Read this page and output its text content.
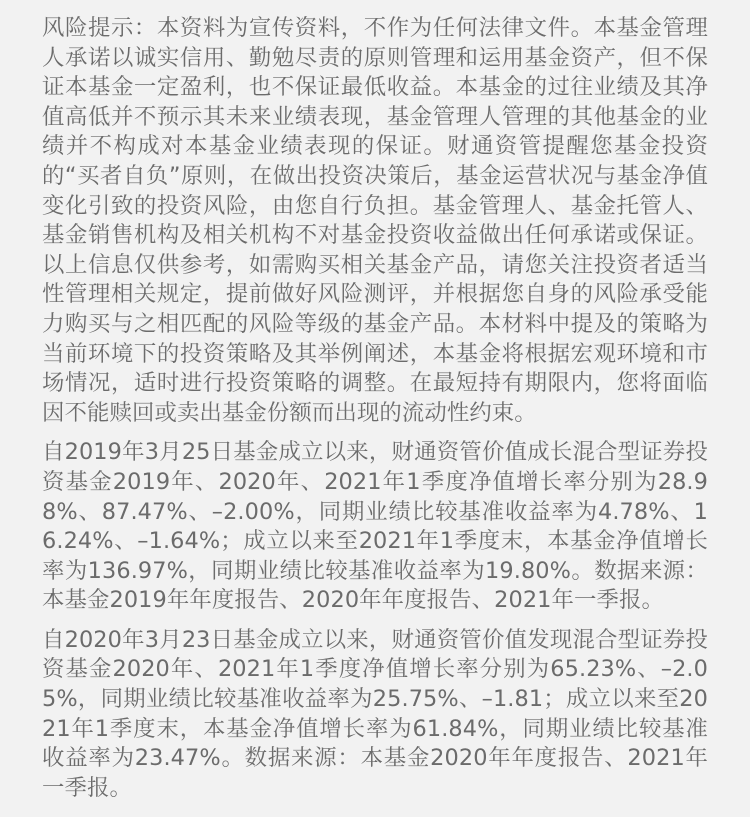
风险提示：本资料为宣传资料，不作为任何法律文件。本基金管理人承诺以诚实信用、勤勉尽责的原则管理和运用基金资产，但不保证本基金一定盈利，也不保证最低收益。本基金的过往业绩及其净值高低并不预示其未来业绩表现，基金管理人管理的其他基金的业绩并不构成对本基金业绩表现的保证。财通资管提醒您基金投资的“买者自负”原则，在做出投资决策后，基金运营状况与基金净值变化引致的投资风险，由您自行负担。基金管理人、基金托管人、基金销售机构及相关机构不对基金投资收益做出任何承诺或保证。以上信息仅供参考，如需购买相关基金产品，请您关注投资者适当性管理相关规定，提前做好风险测评，并根据您自身的风险承受能力购买与之相匹配的风险等级的基金产品。本材料中提及的策略为当前环境下的投资策略及其举例阐述，本基金将根据宏观环境和市场情况，适时进行投资策略的调整。在最短持有期限内，您将面临因不能赎回或卖出基金份额而出现的流动性约束。

自2019年3月25日基金成立以来，财通资管价值成长混合型证券投资基金2019年、2020年、2021年1季度净值增长率分别为28.98%、87.47%、–2.00%，同期业绩比较基准收益率为4.78%、16.24%、–1.64%；成立以来至2021年1季度末，本基金净值增长率为136.97%，同期业绩比较基准收益率为19.80%。数据来源：本基金2019年年度报告、2020年年度报告、2021年一季报。

自2020年3月23日基金成立以来，财通资管价值发现混合型证券投资基金2020年、2021年1季度净值增长率分别为65.23%、–2.05%，同期业绩比较基准收益率为25.75%、–1.81；成立以来至2021年1季度末，本基金净值增长率为61.84%，同期业绩比较基准收益率为23.47%。数据来源：本基金2020年年度报告、2021年一季报。
